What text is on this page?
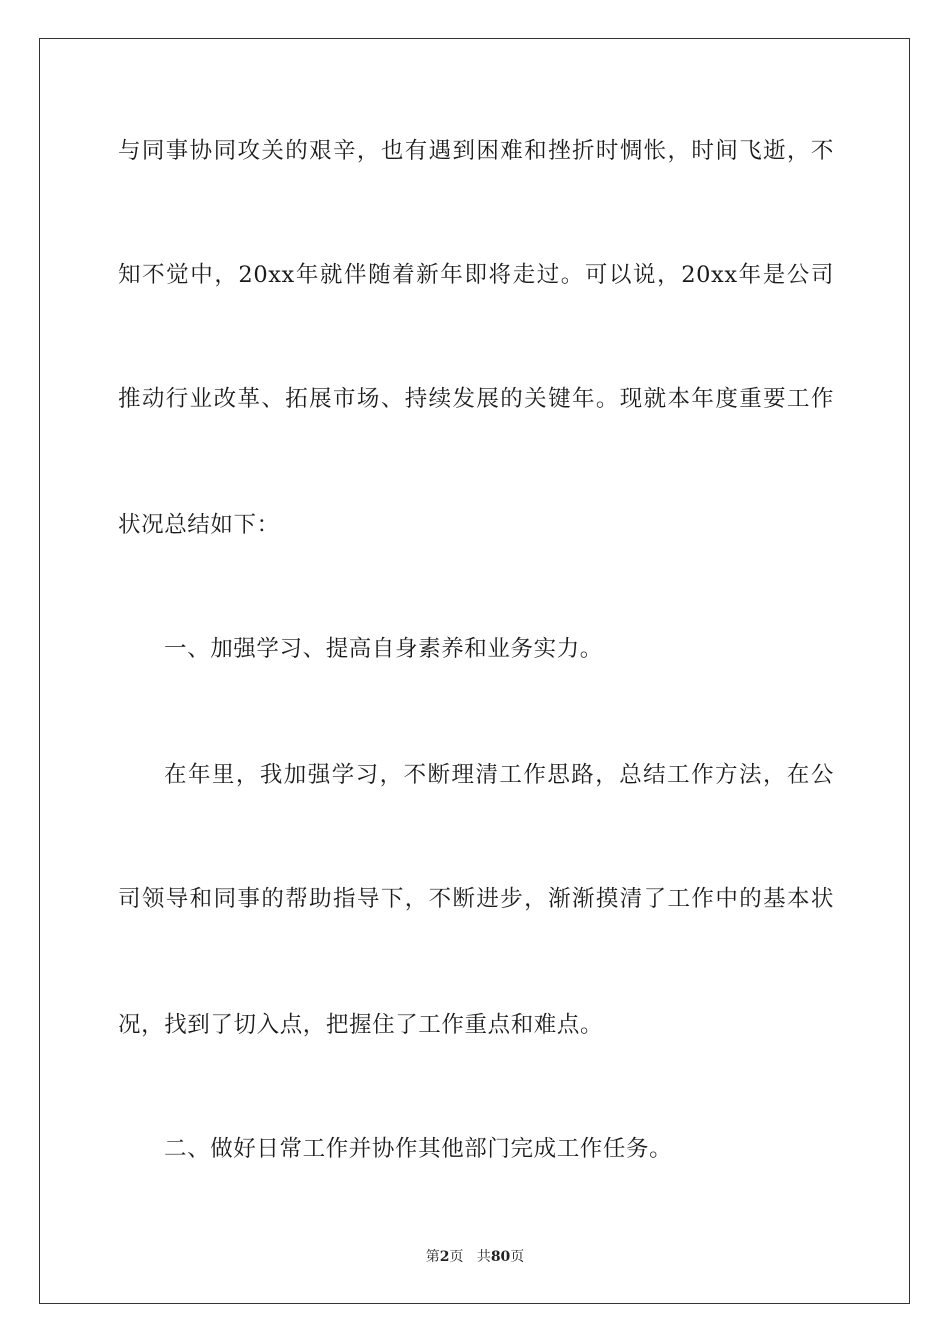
与同事协同攻关的艰辛，也有遇到困难和挫折时惆怅，时间飞逝，不
知不觉中，20xx年就伴随着新年即将走过。可以说，20xx年是公司
推动行业改革、拓展市场、持续发展的关键年。现就本年度重要工作
状况总结如下：
一、加强学习、提高自身素养和业务实力。
在年里，我加强学习，不断理清工作思路，总结工作方法，在公
司领导和同事的帮助指导下，不断进步，渐渐摸清了工作中的基本状
况，找到了切入点，把握住了工作重点和难点。
二、做好日常工作并协作其他部门完成工作任务。
第2页 共80页
